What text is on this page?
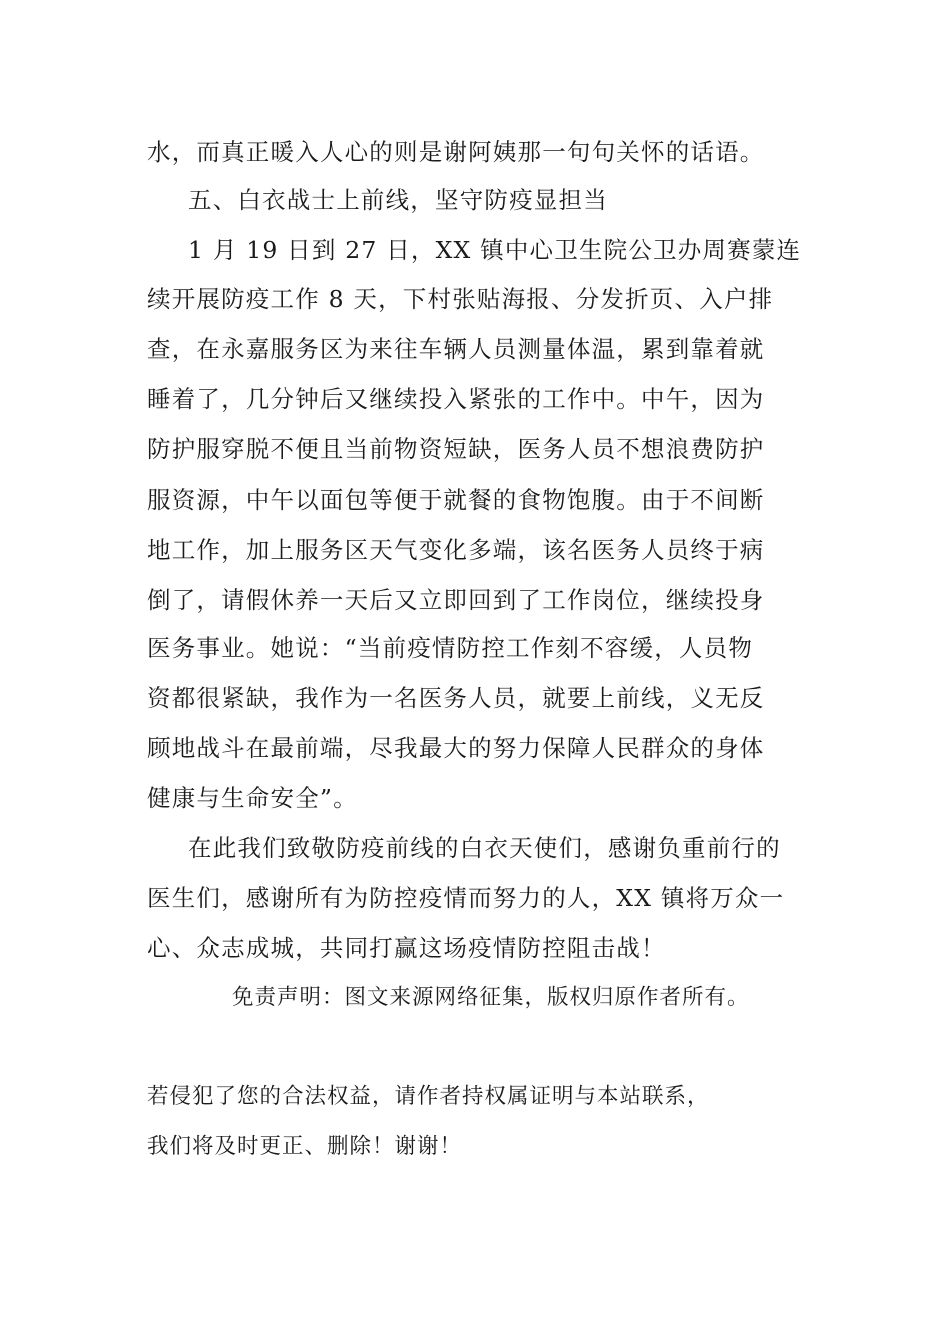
水，而真正暖入人心的则是谢阿姨那一句句关怀的话语。
五、白衣战士上前线，坚守防疫显担当
1 月 19 日到 27 日，XX 镇中心卫生院公卫办周赛蒙连
续开展防疫工作 8 天，下村张贴海报、分发折页、入户排
查，在永嘉服务区为来往车辆人员测量体温，累到靠着就
睡着了，几分钟后又继续投入紧张的工作中。中午，因为
防护服穿脱不便且当前物资短缺，医务人员不想浪费防护
服资源，中午以面包等便于就餐的食物饱腹。由于不间断
地工作，加上服务区天气变化多端，该名医务人员终于病
倒了，请假休养一天后又立即回到了工作岗位，继续投身
医务事业。她说：“当前疫情防控工作刻不容缓，人员物
资都很紧缺，我作为一名医务人员，就要上前线，义无反
顾地战斗在最前端，尽我最大的努力保障人民群众的身体
健康与生命安全”。
在此我们致敬防疫前线的白衣天使们，感谢负重前行的
医生们，感谢所有为防控疫情而努力的人，XX 镇将万众一
心、众志成城，共同打赢这场疫情防控阻击战！
免责声明：图文来源网络征集，版权归原作者所有。
若侵犯了您的合法权益，请作者持权属证明与本站联系，
我们将及时更正、删除！谢谢！
